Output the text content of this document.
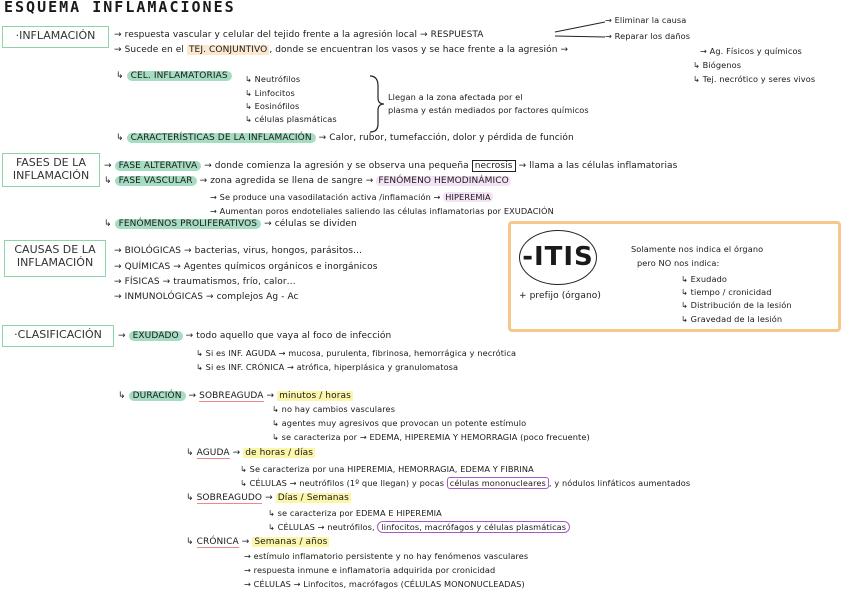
ESQUEMA INFLAMACIONES
·INFLAMACIÓN	→ respuesta vascular y celular del tejido frente a la agresión local → RESPUESTA
→ Eliminar la causa
→ Reparar los daños
→ Sucede en el TEJ. CONJUNTIVO , donde se encuentran los vasos y se hace frente a la agresión →	→ Ag. Físicos y químicos
↳ Biógenos
↳ Tej. necrótico y seres vivos
↳ CEL. INFLAMATORIAS	↳ Neutrófilos
↳ Linfocitos
↳ Eosinófilos
↳ células plasmáticas
Llegan a la zona afectada por el
plasma y están mediados por factores químicos
↳ CARACTERÍSTICAS DE LA INFLAMACIÓN → Calor, rubor, tumefacción, dolor y pérdida de función
FASES DE LA INFLAMACIÓN
→ FASE ALTERATIVA → donde comienza la agresión y se observa una pequeña necrosis → llama a las células inflamatorias
↳ FASE VASCULAR → zona agredida se llena de sangre → FENÓMENO HEMODINÁMICO
→ Se produce una vasodilatación activa /inflamación → HIPEREMIA
→ Aumentan poros endoteliales saliendo las células inflamatorias por EXUDACIÓN
↳ FENÓMENOS PROLIFERATIVOS → células se dividen
CAUSAS DE LA INFLAMACIÓN
→ BIOLÓGICAS → bacterias, virus, hongos, parásitos…
→ QUÍMICAS → Agentes químicos orgánicos e inorgánicos
→ FÍSICAS → traumatismos, frío, calor…
→ INMUNOLÓGICAS → complejos Ag - Ac
-ITIS
+ prefijo (órgano)
Solamente nos indica el órgano
pero NO nos indica:
↳ Exudado
↳ tiempo / cronicidad
↳ Distribución de la lesión
↳ Gravedad de la lesión
·CLASIFICACIÓN	→ EXUDADO → todo aquello que vaya al foco de infección
↳ Si es INF. AGUDA → mucosa, purulenta, fibrinosa, hemorrágica y necrótica
↳ Si es INF. CRÓNICA → atrófica, hiperplásica y granulomatosa
↳ DURACIÓN → SOBREAGUDA → minutos / horas
↳ no hay cambios vasculares
↳ agentes muy agresivos que provocan un potente estímulo
↳ se caracteriza por → EDEMA, HIPEREMIA Y HEMORRAGIA (poco frecuente)
↳ AGUDA → de horas / días
↳ Se caracteriza por una HIPEREMIA, HEMORRAGIA, EDEMA Y FIBRINA
↳ CÉLULAS → neutrófilos (1º que llegan) y pocas células mononucleares , y nódulos linfáticos aumentados
↳ SOBREAGUDO → Días / Semanas
↳ se caracteriza por EDEMA E HIPEREMIA
↳ CÉLULAS → neutrófilos, linfocitos, macrófagos y células plasmáticas
↳ CRÓNICA → Semanas / años
→ estímulo inflamatorio persistente y no hay fenómenos vasculares
→ respuesta inmune e inflamatoria adquirida por cronicidad
→ CÉLULAS → Linfocitos, macrófagos (CÉLULAS MONONUCLEADAS)
